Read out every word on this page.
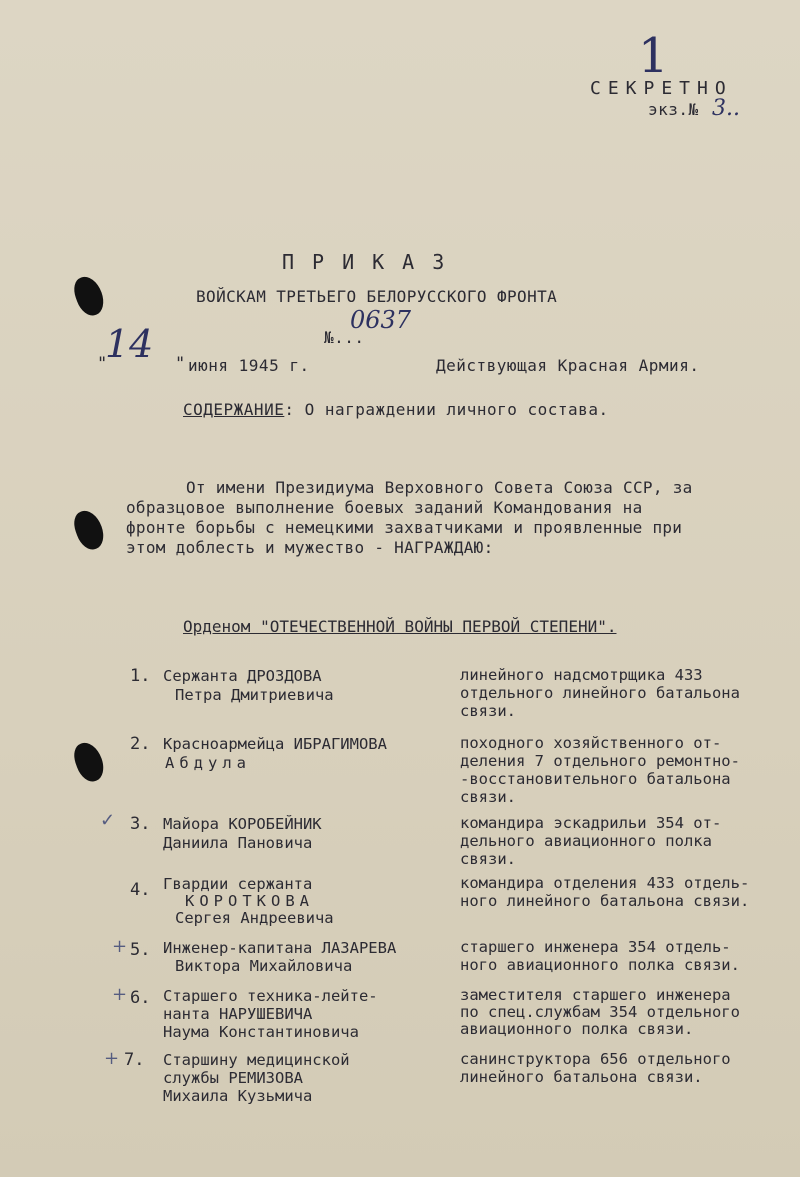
1
СЕКРЕТНО
экз.№ 3..
ПРИКАЗ
ВОЙСКАМ ТРЕТЬЕГО БЕЛОРУССКОГО ФРОНТА
№...
0637
"
14 " июня 1945 г.	Действующая Красная Армия.
СОДЕРЖАНИЕ: О награждении личного состава.
От имени Президиума Верховного Совета Союза ССР, за
образцовое выполнение боевых заданий Командования на
фронте борьбы с немецкими захватчиками и проявленные при
этом доблесть и мужество - НАГРАЖДАЮ:
Орденом "ОТЕЧЕСТВЕННОЙ ВОЙНЫ ПЕРВОЙ СТЕПЕНИ".
1. Сержанта ДРОЗДОВА
Петра Дмитриевича
линейного надсмотрщика 433
отдельного линейного батальона
связи.
2. Красноармейца ИБРАГИМОВА
Абдула
походного хозяйственного от-
деления 7 отдельного ремонтно-
-восстановительного батальона
связи.
✓ 3. Майора КОРОБЕЙНИК
Даниила Пановича
командира эскадрильи 354 от-
дельного авиационного полка
связи.
4. Гвардии сержанта
КОРОТКОВА
Сергея Андреевича
командира отделения 433 отдель-
ного линейного батальона связи.
+ 5. Инженер-капитана ЛАЗАРЕВА
Виктора Михайловича
старшего инженера 354 отдель-
ного авиационного полка связи.
+ 6. Старшего техника-лейте-
нанта НАРУШЕВИЧА
Наума Константиновича
заместителя старшего инженера
по спец.службам 354 отдельного
авиационного полка связи.
+ 7. Старшину медицинской
службы РЕМИЗОВА
Михаила Кузьмича
санинструктора 656 отдельного
линейного батальона связи.
